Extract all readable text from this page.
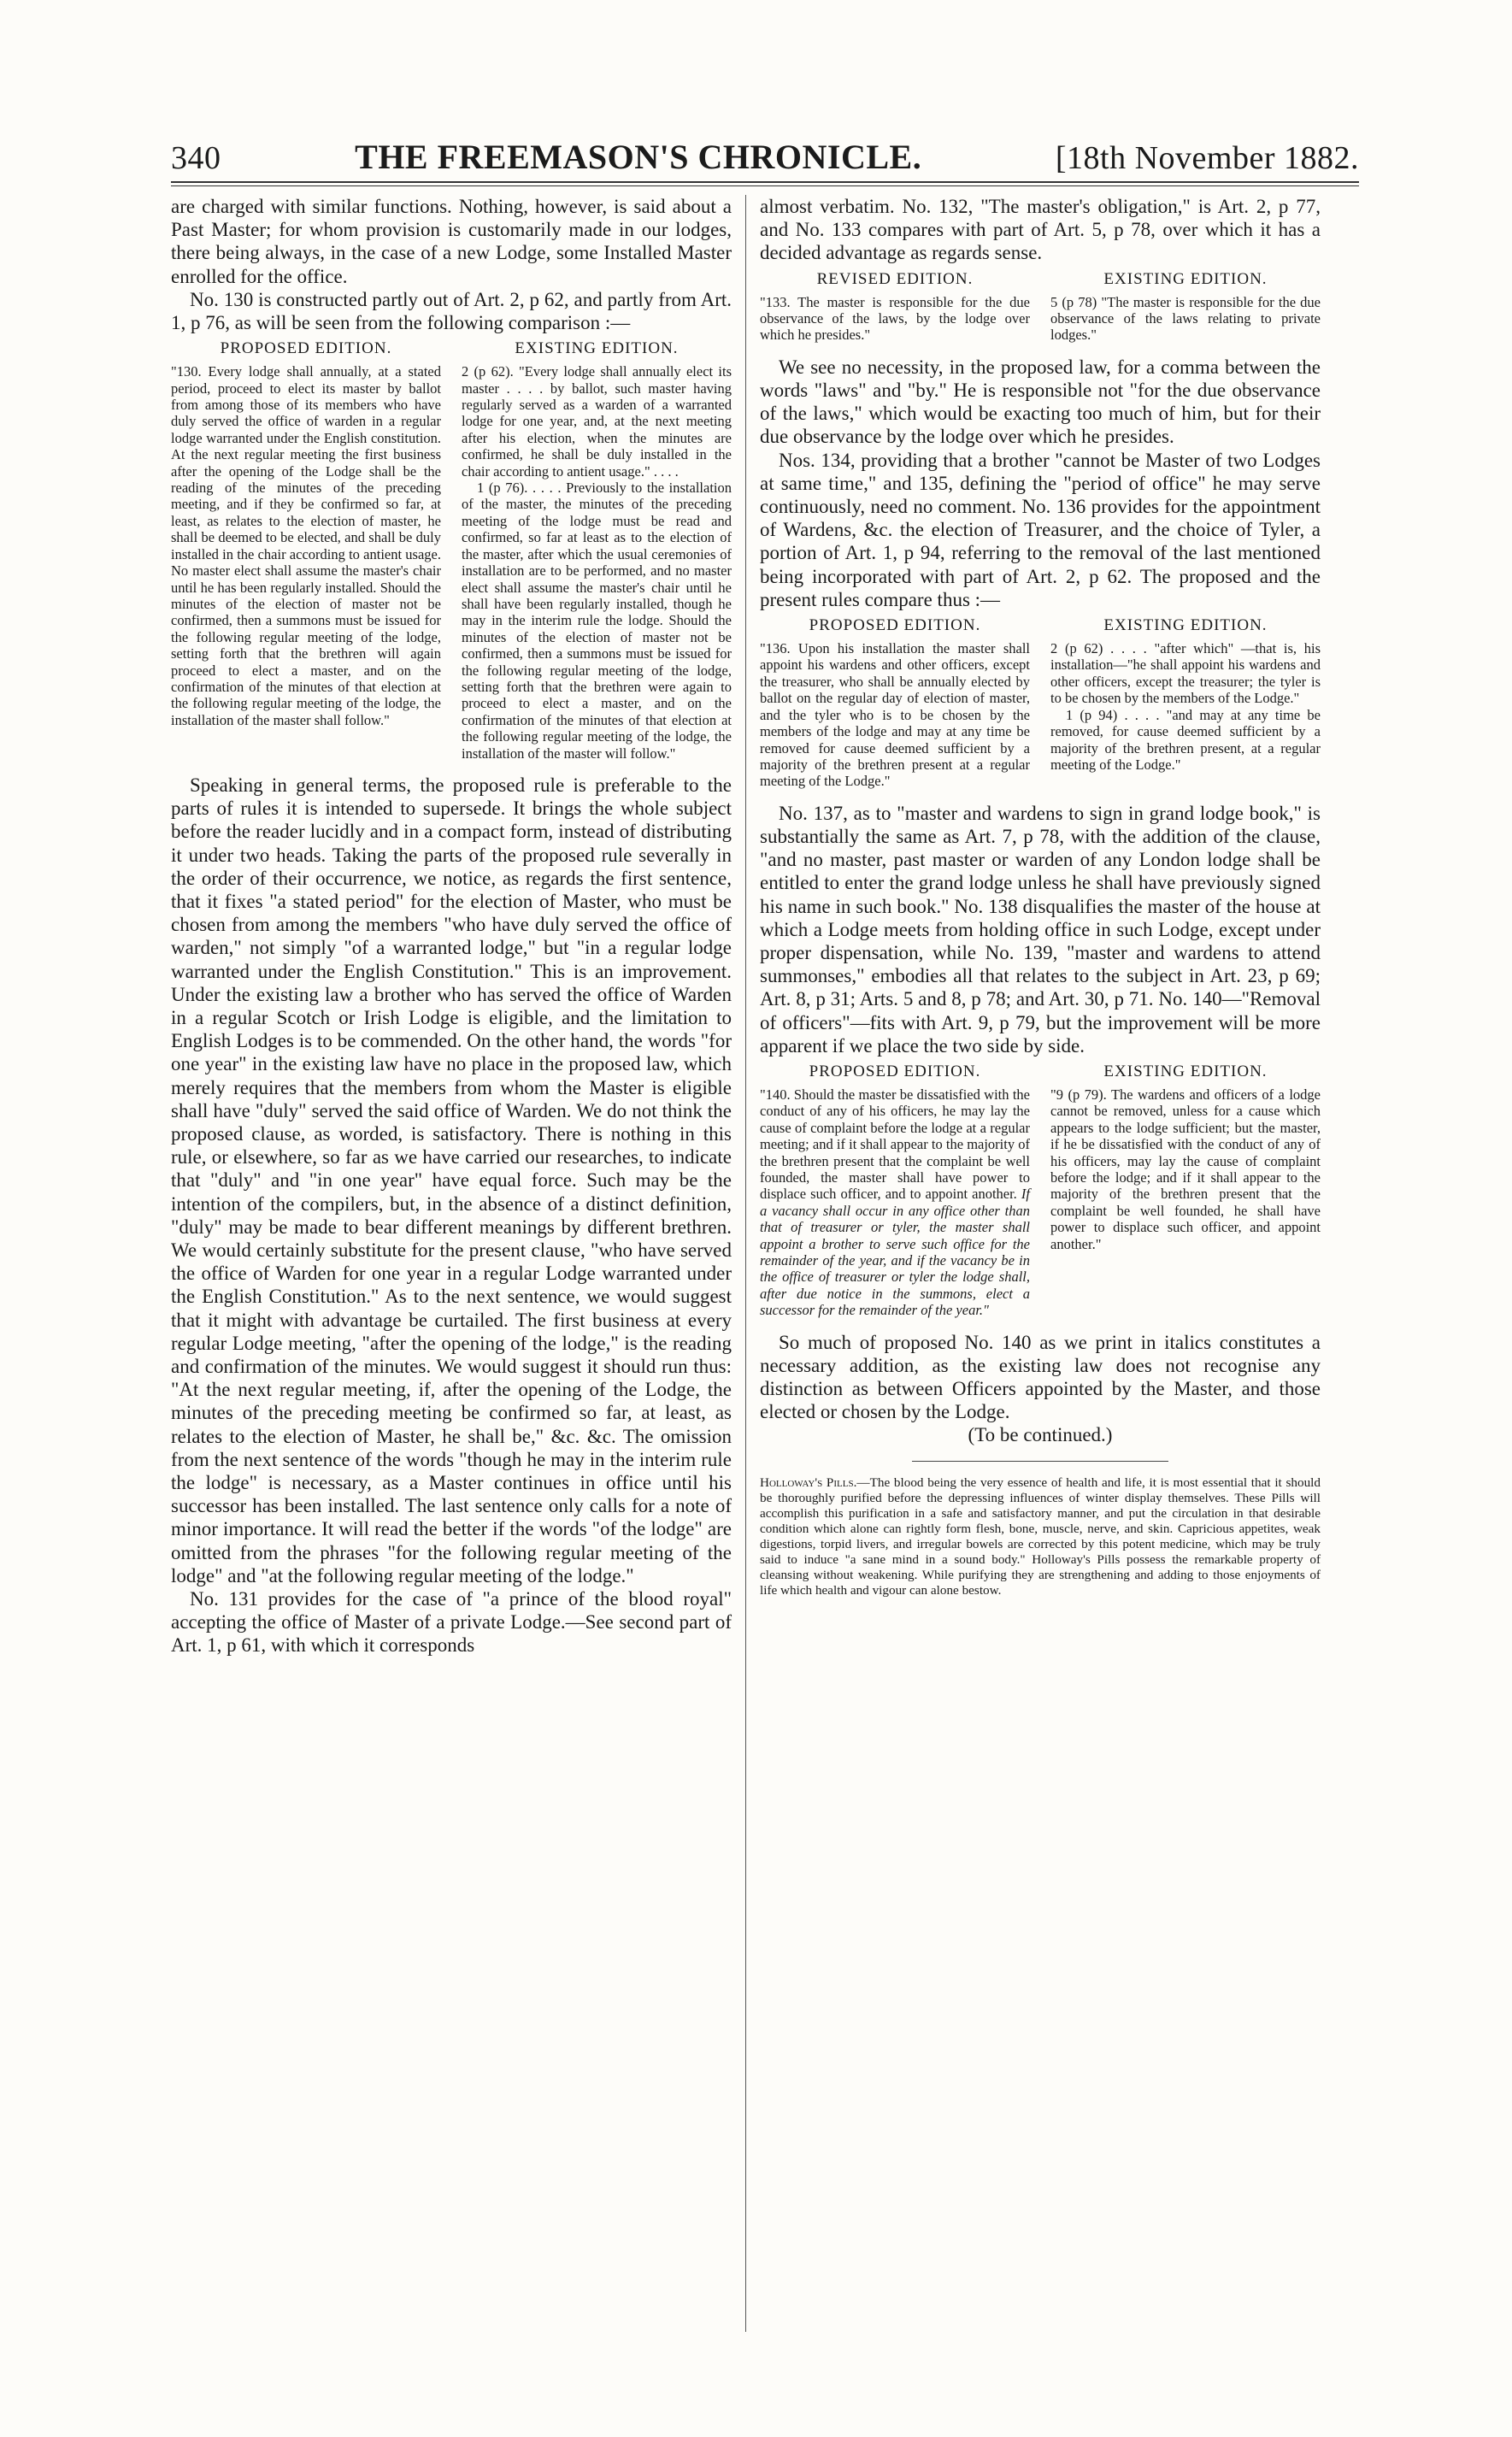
340	THE FREEMASON'S CHRONICLE.	[18th November 1882.

are charged with similar functions. Nothing, however, is said about a Past Master; for whom provision is customarily made in our lodges, there being always, in the case of a new Lodge, some Installed Master enrolled for the office.

No. 130 is constructed partly out of Art. 2, p 62, and partly from Art. 1, p 76, as will be seen from the following comparison :—

PROPOSED EDITION.

"130. Every lodge shall annually, at a stated period, proceed to elect its master by ballot from among those of its members who have duly served the office of warden in a regular lodge warranted under the English constitution. At the next regular meeting the first business after the opening of the Lodge shall be the reading of the minutes of the preceding meeting, and if they be confirmed so far, at least, as relates to the election of master, he shall be deemed to be elected, and shall be duly installed in the chair according to antient usage. No master elect shall assume the master's chair until he has been regularly installed. Should the minutes of the election of master not be confirmed, then a summons must be issued for the following regular meeting of the lodge, setting forth that the brethren will again proceed to elect a master, and on the confirmation of the minutes of that election at the following regular meeting of the lodge, the installation of the master shall follow."

EXISTING EDITION.

2 (p 62). "Every lodge shall annually elect its master . . . . by ballot, such master having regularly served as a warden of a warranted lodge for one year, and, at the next meeting after his election, when the minutes are confirmed, he shall be duly installed in the chair according to antient usage." . . . .

1 (p 76). . . . . Previously to the installation of the master, the minutes of the preceding meeting of the lodge must be read and confirmed, so far at least as to the election of the master, after which the usual ceremonies of installation are to be performed, and no master elect shall assume the master's chair until he shall have been regularly installed, though he may in the interim rule the lodge. Should the minutes of the election of master not be confirmed, then a summons must be issued for the following regular meeting of the lodge, setting forth that the brethren were again to proceed to elect a master, and on the confirmation of the minutes of that election at the following regular meeting of the lodge, the installation of the master will follow."

Speaking in general terms, the proposed rule is preferable to the parts of rules it is intended to supersede. It brings the whole subject before the reader lucidly and in a compact form, instead of distributing it under two heads. Taking the parts of the proposed rule severally in the order of their occurrence, we notice, as regards the first sentence, that it fixes "a stated period" for the election of Master, who must be chosen from among the members "who have duly served the office of warden," not simply "of a warranted lodge," but "in a regular lodge warranted under the English Constitution." This is an improvement. Under the existing law a brother who has served the office of Warden in a regular Scotch or Irish Lodge is eligible, and the limitation to English Lodges is to be commended. On the other hand, the words "for one year" in the existing law have no place in the proposed law, which merely requires that the members from whom the Master is eligible shall have "duly" served the said office of Warden. We do not think the proposed clause, as worded, is satisfactory. There is nothing in this rule, or elsewhere, so far as we have carried our researches, to indicate that "duly" and "in one year" have equal force. Such may be the intention of the compilers, but, in the absence of a distinct definition, "duly" may be made to bear different meanings by different brethren. We would certainly substitute for the present clause, "who have served the office of Warden for one year in a regular Lodge warranted under the English Constitution." As to the next sentence, we would suggest that it might with advantage be curtailed. The first business at every regular Lodge meeting, "after the opening of the lodge," is the reading and confirmation of the minutes. We would suggest it should run thus: "At the next regular meeting, if, after the opening of the Lodge, the minutes of the preceding meeting be confirmed so far, at least, as relates to the election of Master, he shall be," &c. &c. The omission from the next sentence of the words "though he may in the interim rule the lodge" is necessary, as a Master continues in office until his successor has been installed. The last sentence only calls for a note of minor importance. It will read the better if the words "of the lodge" are omitted from the phrases "for the following regular meeting of the lodge" and "at the following regular meeting of the lodge."

No. 131 provides for the case of "a prince of the blood royal" accepting the office of Master of a private Lodge.—See second part of Art. 1, p 61, with which it corresponds

almost verbatim. No. 132, "The master's obligation," is Art. 2, p 77, and No. 133 compares with part of Art. 5, p 78, over which it has a decided advantage as regards sense.

REVISED EDITION.

"133. The master is responsible for the due observance of the laws, by the lodge over which he presides."

EXISTING EDITION.

5 (p 78) "The master is responsible for the due observance of the laws relating to private lodges."

We see no necessity, in the proposed law, for a comma between the words "laws" and "by." He is responsible not "for the due observance of the laws," which would be exacting too much of him, but for their due observance by the lodge over which he presides.

Nos. 134, providing that a brother "cannot be Master of two Lodges at same time," and 135, defining the "period of office" he may serve continuously, need no comment. No. 136 provides for the appointment of Wardens, &c. the election of Treasurer, and the choice of Tyler, a portion of Art. 1, p 94, referring to the removal of the last mentioned being incorporated with part of Art. 2, p 62. The proposed and the present rules compare thus :—

PROPOSED EDITION.

"136. Upon his installation the master shall appoint his wardens and other officers, except the treasurer, who shall be annually elected by ballot on the regular day of election of master, and the tyler who is to be chosen by the members of the lodge and may at any time be removed for cause deemed sufficient by a majority of the brethren present at a regular meeting of the Lodge."

EXISTING EDITION.

2 (p 62) . . . . "after which" —that is, his installation—"he shall appoint his wardens and other officers, except the treasurer; the tyler is to be chosen by the members of the Lodge."

1 (p 94) . . . . "and may at any time be removed, for cause deemed sufficient by a majority of the brethren present, at a regular meeting of the Lodge."

No. 137, as to "master and wardens to sign in grand lodge book," is substantially the same as Art. 7, p 78, with the addition of the clause, "and no master, past master or warden of any London lodge shall be entitled to enter the grand lodge unless he shall have previously signed his name in such book." No. 138 disqualifies the master of the house at which a Lodge meets from holding office in such Lodge, except under proper dispensation, while No. 139, "master and wardens to attend summonses," embodies all that relates to the subject in Art. 23, p 69; Art. 8, p 31; Arts. 5 and 8, p 78; and Art. 30, p 71. No. 140—"Removal of officers"—fits with Art. 9, p 79, but the improvement will be more apparent if we place the two side by side.

PROPOSED EDITION.

"140. Should the master be dissatisfied with the conduct of any of his officers, he may lay the cause of complaint before the lodge at a regular meeting; and if it shall appear to the majority of the brethren present that the complaint be well founded, the master shall have power to displace such officer, and to appoint another. If a vacancy shall occur in any office other than that of treasurer or tyler, the master shall appoint a brother to serve such office for the remainder of the year, and if the vacancy be in the office of treasurer or tyler the lodge shall, after due notice in the summons, elect a successor for the remainder of the year."

EXISTING EDITION.

"9 (p 79). The wardens and officers of a lodge cannot be removed, unless for a cause which appears to the lodge sufficient; but the master, if he be dissatisfied with the conduct of any of his officers, may lay the cause of complaint before the lodge; and if it shall appear to the majority of the brethren present that the complaint be well founded, he shall have power to displace such officer, and appoint another."

So much of proposed No. 140 as we print in italics constitutes a necessary addition, as the existing law does not recognise any distinction as between Officers appointed by the Master, and those elected or chosen by the Lodge.

(To be continued.)

Holloway's Pills.—The blood being the very essence of health and life, it is most essential that it should be thoroughly purified before the depressing influences of winter display themselves. These Pills will accomplish this purification in a safe and satisfactory manner, and put the circulation in that desirable condition which alone can rightly form flesh, bone, muscle, nerve, and skin. Capricious appetites, weak digestions, torpid livers, and irregular bowels are corrected by this potent medicine, which may be truly said to induce "a sane mind in a sound body." Holloway's Pills possess the remarkable property of cleansing without weakening. While purifying they are strengthening and adding to those enjoyments of life which health and vigour can alone bestow.
